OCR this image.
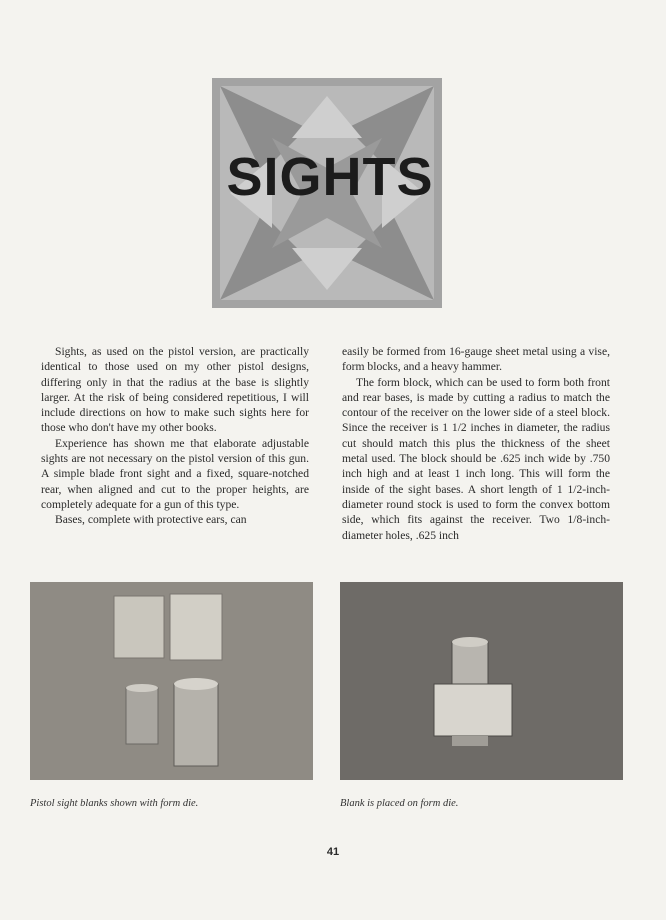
SIGHTS

Sights, as used on the pistol version, are practically identical to those used on my other pistol designs, differing only in that the radius at the base is slightly larger. At the risk of being considered repetitious, I will include directions on how to make such sights here for those who don't have my other books.

Experience has shown me that elaborate adjustable sights are not necessary on the pistol version of this gun. A simple blade front sight and a fixed, square-notched rear, when aligned and cut to the proper heights, are completely adequate for a gun of this type.

Bases, complete with protective ears, can

easily be formed from 16-gauge sheet metal using a vise, form blocks, and a heavy hammer.

The form block, which can be used to form both front and rear bases, is made by cutting a radius to match the contour of the receiver on the lower side of a steel block. Since the receiver is 1 1/2 inches in diameter, the radius cut should match this plus the thickness of the sheet metal used. The block should be .625 inch wide by .750 inch high and at least 1 inch long. This will form the inside of the sight bases. A short length of 1 1/2-inch-diameter round stock is used to form the convex bottom side, which fits against the receiver. Two 1/8-inch-diameter holes, .625 inch

Pistol sight blanks shown with form die.	Blank is placed on form die.
41
